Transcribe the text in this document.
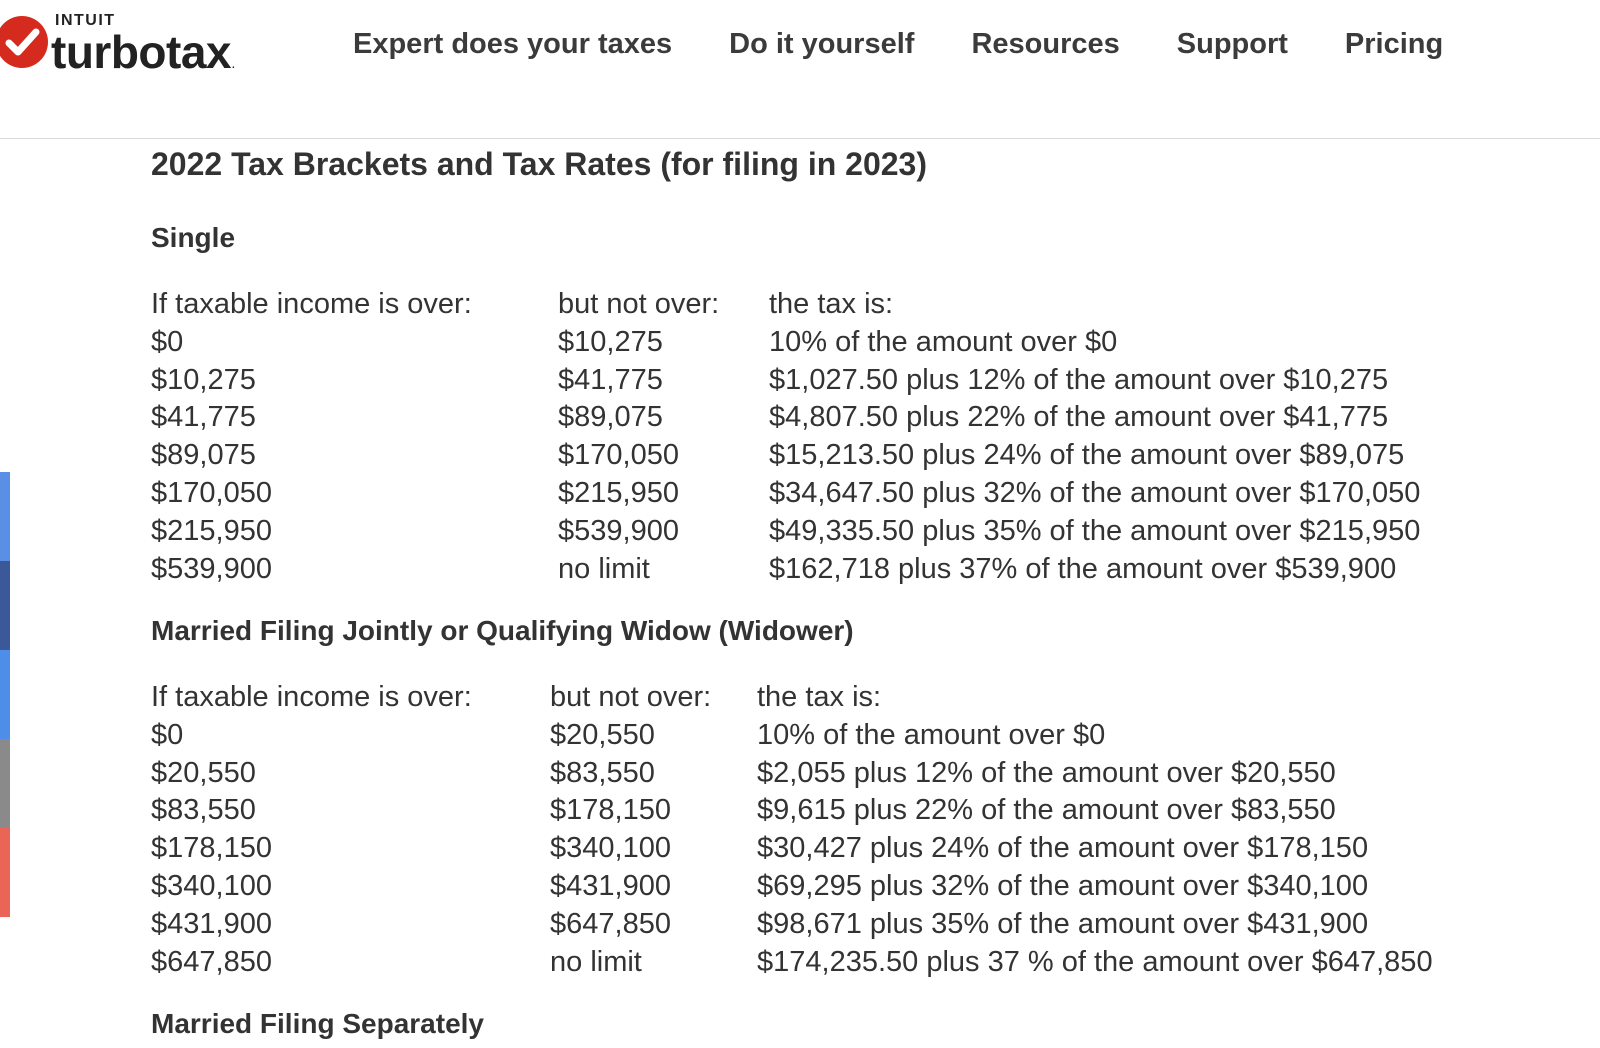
INTUIT
turbotax.
Expert does your taxes Do it yourself Resources Support Pricing
2022 Tax Brackets and Tax Rates (for filing in 2023)
Single
If taxable income is over:	but not over:	the tax is:
$0	$10,275	10% of the amount over $0
$10,275	$41,775	$1,027.50 plus 12% of the amount over $10,275
$41,775	$89,075	$4,807.50 plus 22% of the amount over $41,775
$89,075	$170,050	$15,213.50 plus 24% of the amount over $89,075
$170,050	$215,950	$34,647.50 plus 32% of the amount over $170,050
$215,950	$539,900	$49,335.50 plus 35% of the amount over $215,950
$539,900	no limit	$162,718 plus 37% of the amount over $539,900
Married Filing Jointly or Qualifying Widow (Widower)
If taxable income is over:	but not over:	the tax is:
$0	$20,550	10% of the amount over $0
$20,550	$83,550	$2,055 plus 12% of the amount over $20,550
$83,550	$178,150	$9,615 plus 22% of the amount over $83,550
$178,150	$340,100	$30,427 plus 24% of the amount over $178,150
$340,100	$431,900	$69,295 plus 32% of the amount over $340,100
$431,900	$647,850	$98,671 plus 35% of the amount over $431,900
$647,850	no limit	$174,235.50 plus 37 % of the amount over $647,850
Married Filing Separately
